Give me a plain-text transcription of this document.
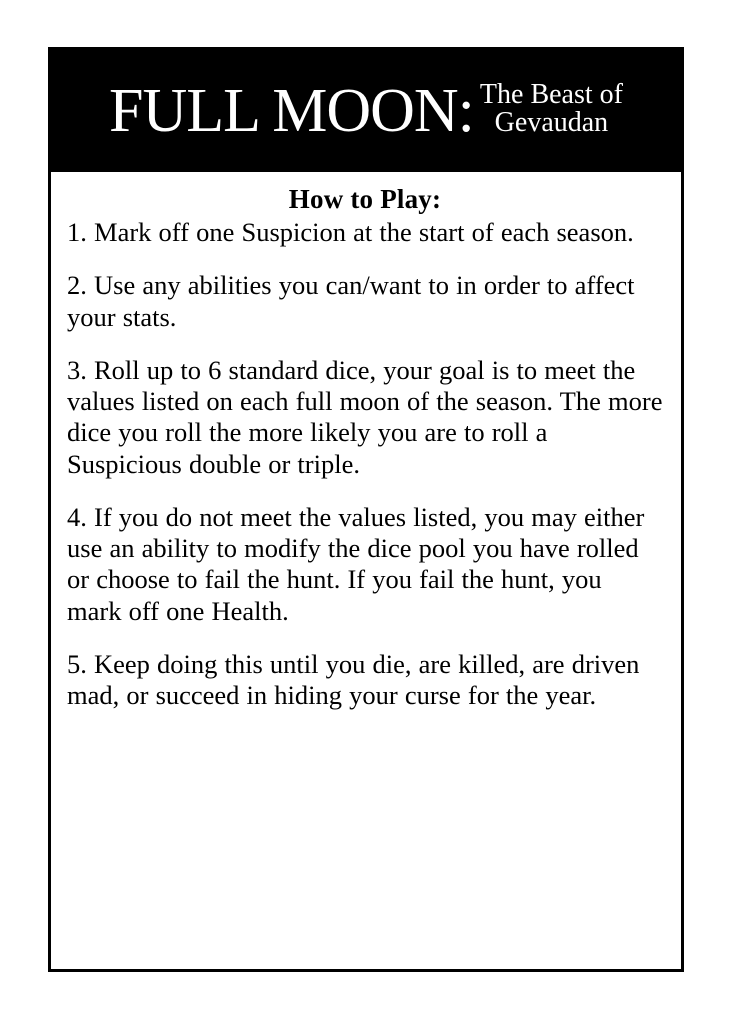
FULL MOON: The Beast of
Gevaudan
How to Play:

1. Mark off one Suspicion at the start of each season.

2. Use any abilities you can/want to in order to affect your stats.

3. Roll up to 6 standard dice, your goal is to meet the values listed on each full moon of the season. The more dice you roll the more likely you are to roll a Suspicious double or triple.

4. If you do not meet the values listed, you may either use an ability to modify the dice pool you have rolled or choose to fail the hunt. If you fail the hunt, you mark off one Health.

5. Keep doing this until you die, are killed, are driven mad, or succeed in hiding your curse for the year.
